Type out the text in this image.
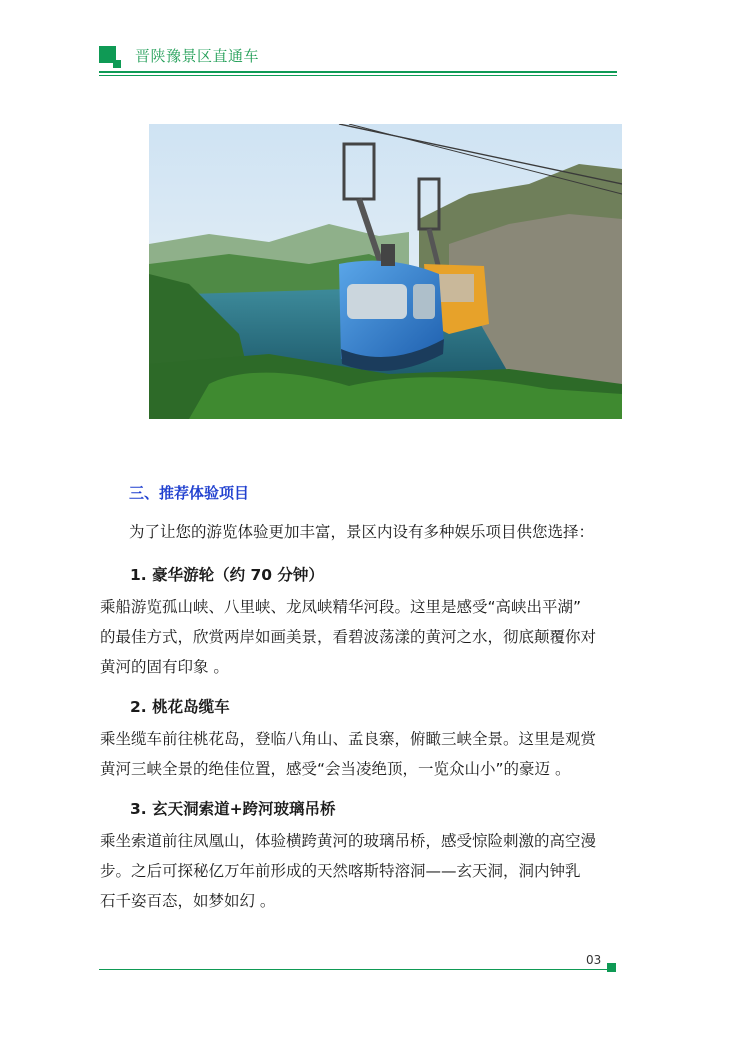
晋陕豫景区直通车
三、推荐体验项目
为了让您的游览体验更加丰富，景区内设有多种娱乐项目供您选择：
1. 豪华游轮（约 70 分钟）
乘船游览孤山峡、八里峡、龙凤峡精华河段。这里是感受“高峡出平湖”
的最佳方式，欣赏两岸如画美景，看碧波荡漾的黄河之水，彻底颠覆你对
黄河的固有印象 。
2. 桃花岛缆车
乘坐缆车前往桃花岛，登临八角山、孟良寨，俯瞰三峡全景。这里是观赏
黄河三峡全景的绝佳位置，感受“会当凌绝顶，一览众山小”的豪迈 。
3. 玄天洞索道+跨河玻璃吊桥
乘坐索道前往凤凰山，体验横跨黄河的玻璃吊桥，感受惊险刺激的高空漫
步。之后可探秘亿万年前形成的天然喀斯特溶洞——玄天洞，洞内钟乳
石千姿百态，如梦如幻 。
03
